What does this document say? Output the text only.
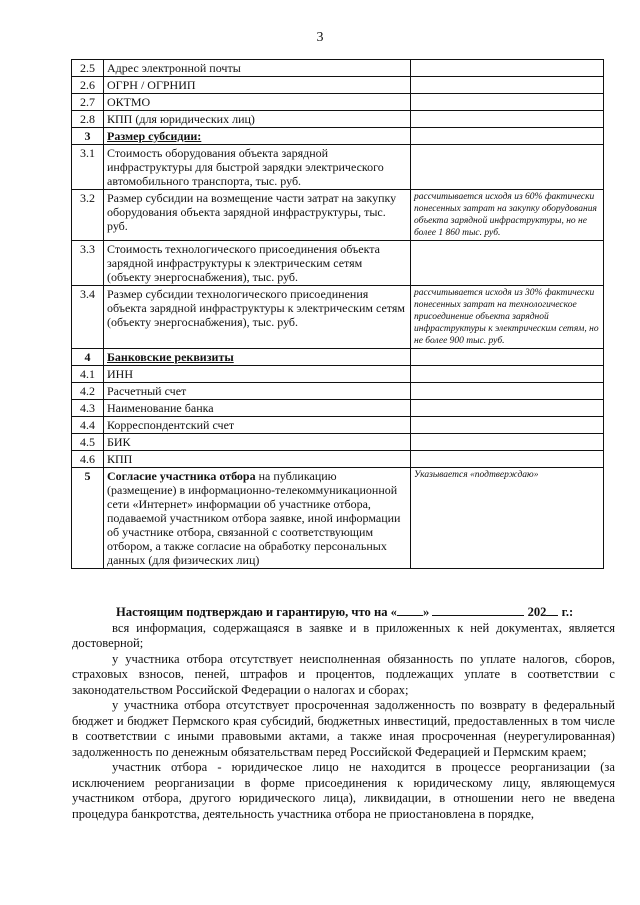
3
2.5	Адрес электронной почты	
2.6	ОГРН / ОГРНИП	
2.7	ОКТМО	
2.8	КПП (для юридических лиц)	
3	Размер субсидии:	
3.1	Стоимость оборудования объекта зарядной инфраструктуры для быстрой зарядки электрического автомобильного транспорта, тыс. руб.	
3.2	Размер субсидии на возмещение части затрат на закупку оборудования объекта зарядной инфраструктуры, тыс. руб.	рассчитывается исходя из 60% фактически понесенных затрат на закупку оборудования объекта зарядной инфраструктуры, но не более 1 860 тыс. руб.
3.3	Стоимость технологического присоединения объекта зарядной инфраструктуры к электрическим сетям (объекту энергоснабжения), тыс. руб.	
3.4	Размер субсидии технологического присоединения объекта зарядной инфраструктуры к электрическим сетям (объекту энергоснабжения), тыс. руб.	рассчитывается исходя из 30% фактически понесенных затрат на технологическое присоединение объекта зарядной инфраструктуры к электрическим сетям, но не более 900 тыс. руб.
4	Банковские реквизиты	
4.1	ИНН	
4.2	Расчетный счет	
4.3	Наименование банка	
4.4	Корреспондентский счет	
4.5	БИК	
4.6	КПП	
5	Согласие участника отбора на публикацию (размещение) в информационно-телекоммуникационной сети «Интернет» информации об участнике отбора, подаваемой участником отбора заявке, иной информации об участнике отбора, связанной с соответствующим отбором, а также согласие на обработку персональных данных (для физических лиц)	Указывается «подтверждаю»

Настоящим подтверждаю и гарантирую, что на « »	202 г.:

вся информация, содержащаяся в заявке и в приложенных к ней документах, является достоверной;

у участника отбора отсутствует неисполненная обязанность по уплате налогов, сборов, страховых взносов, пеней, штрафов и процентов, подлежащих уплате в соответствии с законодательством Российской Федерации о налогах и сборах;

у участника отбора отсутствует просроченная задолженность по возврату в федеральный бюджет и бюджет Пермского края субсидий, бюджетных инвестиций, предоставленных в том числе в соответствии с иными правовыми актами, а также иная просроченная (неурегулированная) задолженность по денежным обязательствам перед Российской Федерацией и Пермским краем;

участник отбора - юридическое лицо не находится в процессе реорганизации (за исключением реорганизации в форме присоединения к юридическому лицу, являющемуся участником отбора, другого юридического лица), ликвидации, в отношении него не введена процедура банкротства, деятельность участника отбора не приостановлена в порядке,
